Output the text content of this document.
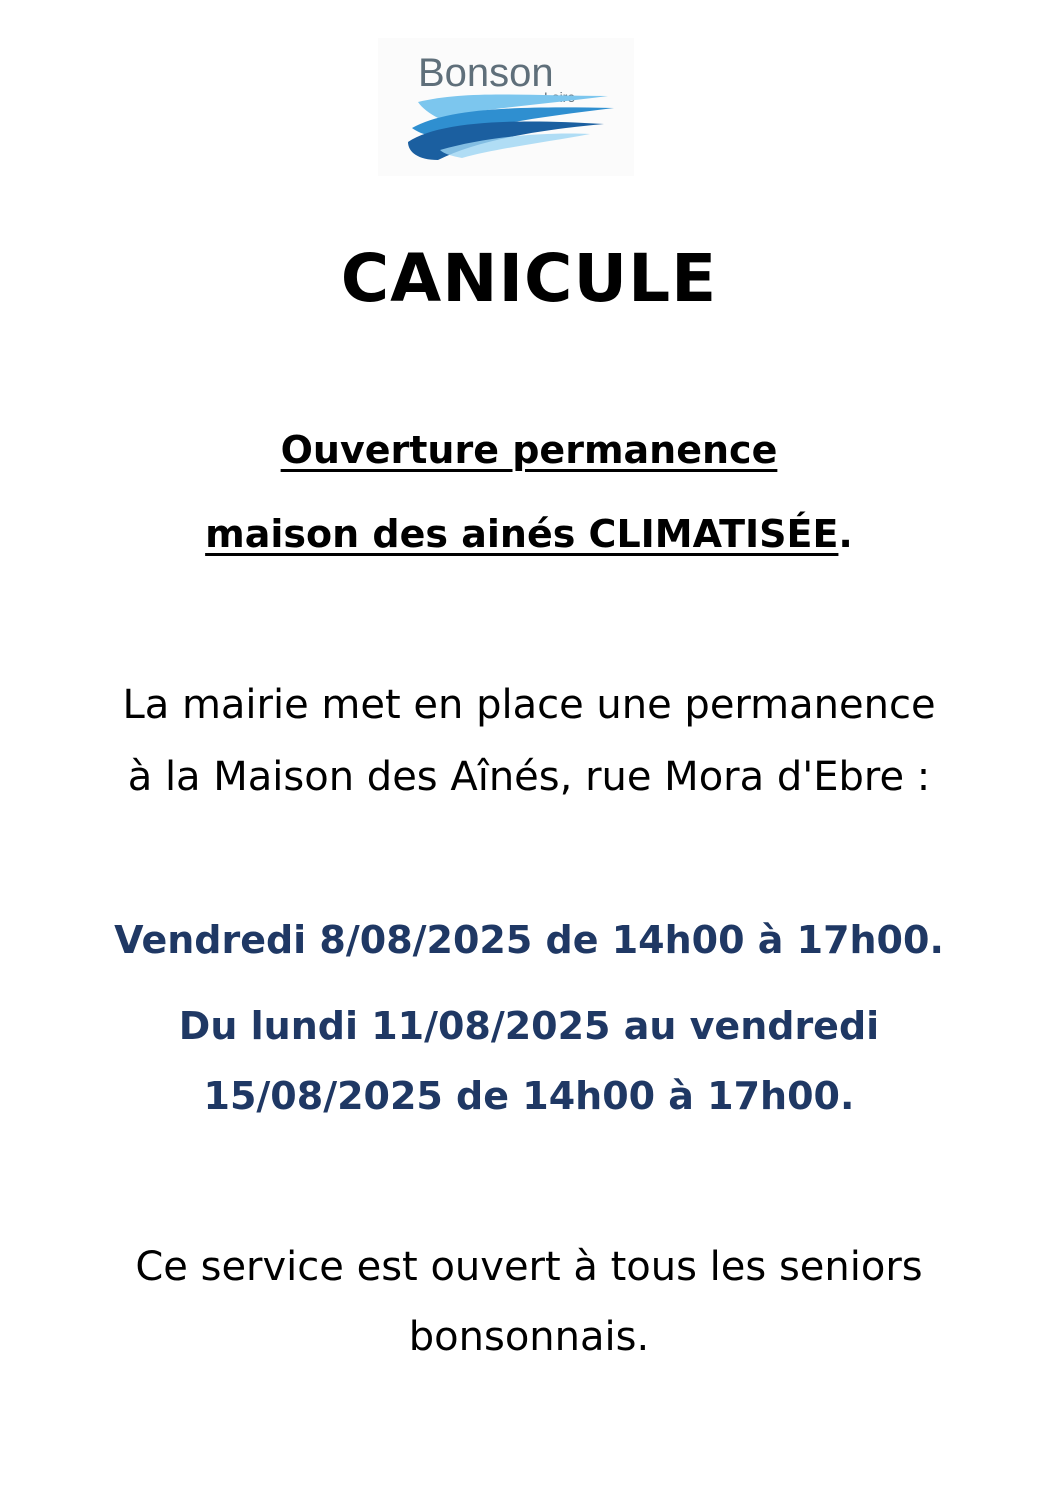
Bonson
CANICULE
Ouverture permanence
maison des ainés CLIMATISÉE.
La mairie met en place une permanence
à la Maison des Aînés, rue Mora d'Ebre :
Vendredi 8/08/2025 de 14h00 à 17h00.
Du lundi 11/08/2025 au vendredi
15/08/2025 de 14h00 à 17h00.
Ce service est ouvert à tous les seniors
bonsonnais.
